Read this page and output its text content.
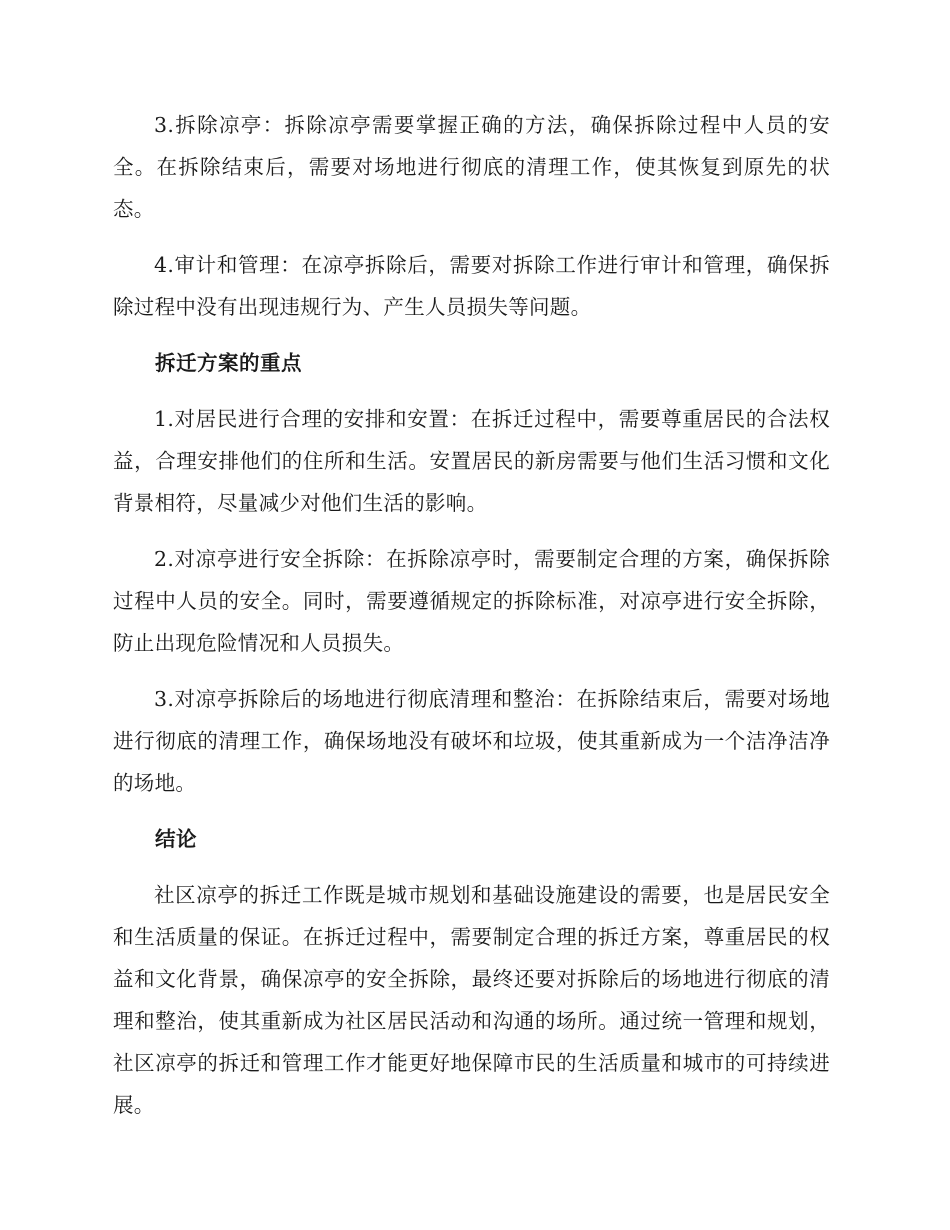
3.拆除凉亭：拆除凉亭需要掌握正确的方法，确保拆除过程中人员的安全。在拆除结束后，需要对场地进行彻底的清理工作，使其恢复到原先的状态。

4.审计和管理：在凉亭拆除后，需要对拆除工作进行审计和管理，确保拆除过程中没有出现违规行为、产生人员损失等问题。

拆迁方案的重点

1.对居民进行合理的安排和安置：在拆迁过程中，需要尊重居民的合法权益，合理安排他们的住所和生活。安置居民的新房需要与他们生活习惯和文化背景相符，尽量减少对他们生活的影响。

2.对凉亭进行安全拆除：在拆除凉亭时，需要制定合理的方案，确保拆除过程中人员的安全。同时，需要遵循规定的拆除标准，对凉亭进行安全拆除，防止出现危险情况和人员损失。

3.对凉亭拆除后的场地进行彻底清理和整治：在拆除结束后，需要对场地进行彻底的清理工作，确保场地没有破坏和垃圾，使其重新成为一个洁净洁净的场地。

结论

社区凉亭的拆迁工作既是城市规划和基础设施建设的需要，也是居民安全和生活质量的保证。在拆迁过程中，需要制定合理的拆迁方案，尊重居民的权益和文化背景，确保凉亭的安全拆除，最终还要对拆除后的场地进行彻底的清理和整治，使其重新成为社区居民活动和沟通的场所。通过统一管理和规划，社区凉亭的拆迁和管理工作才能更好地保障市民的生活质量和城市的可持续进展。
